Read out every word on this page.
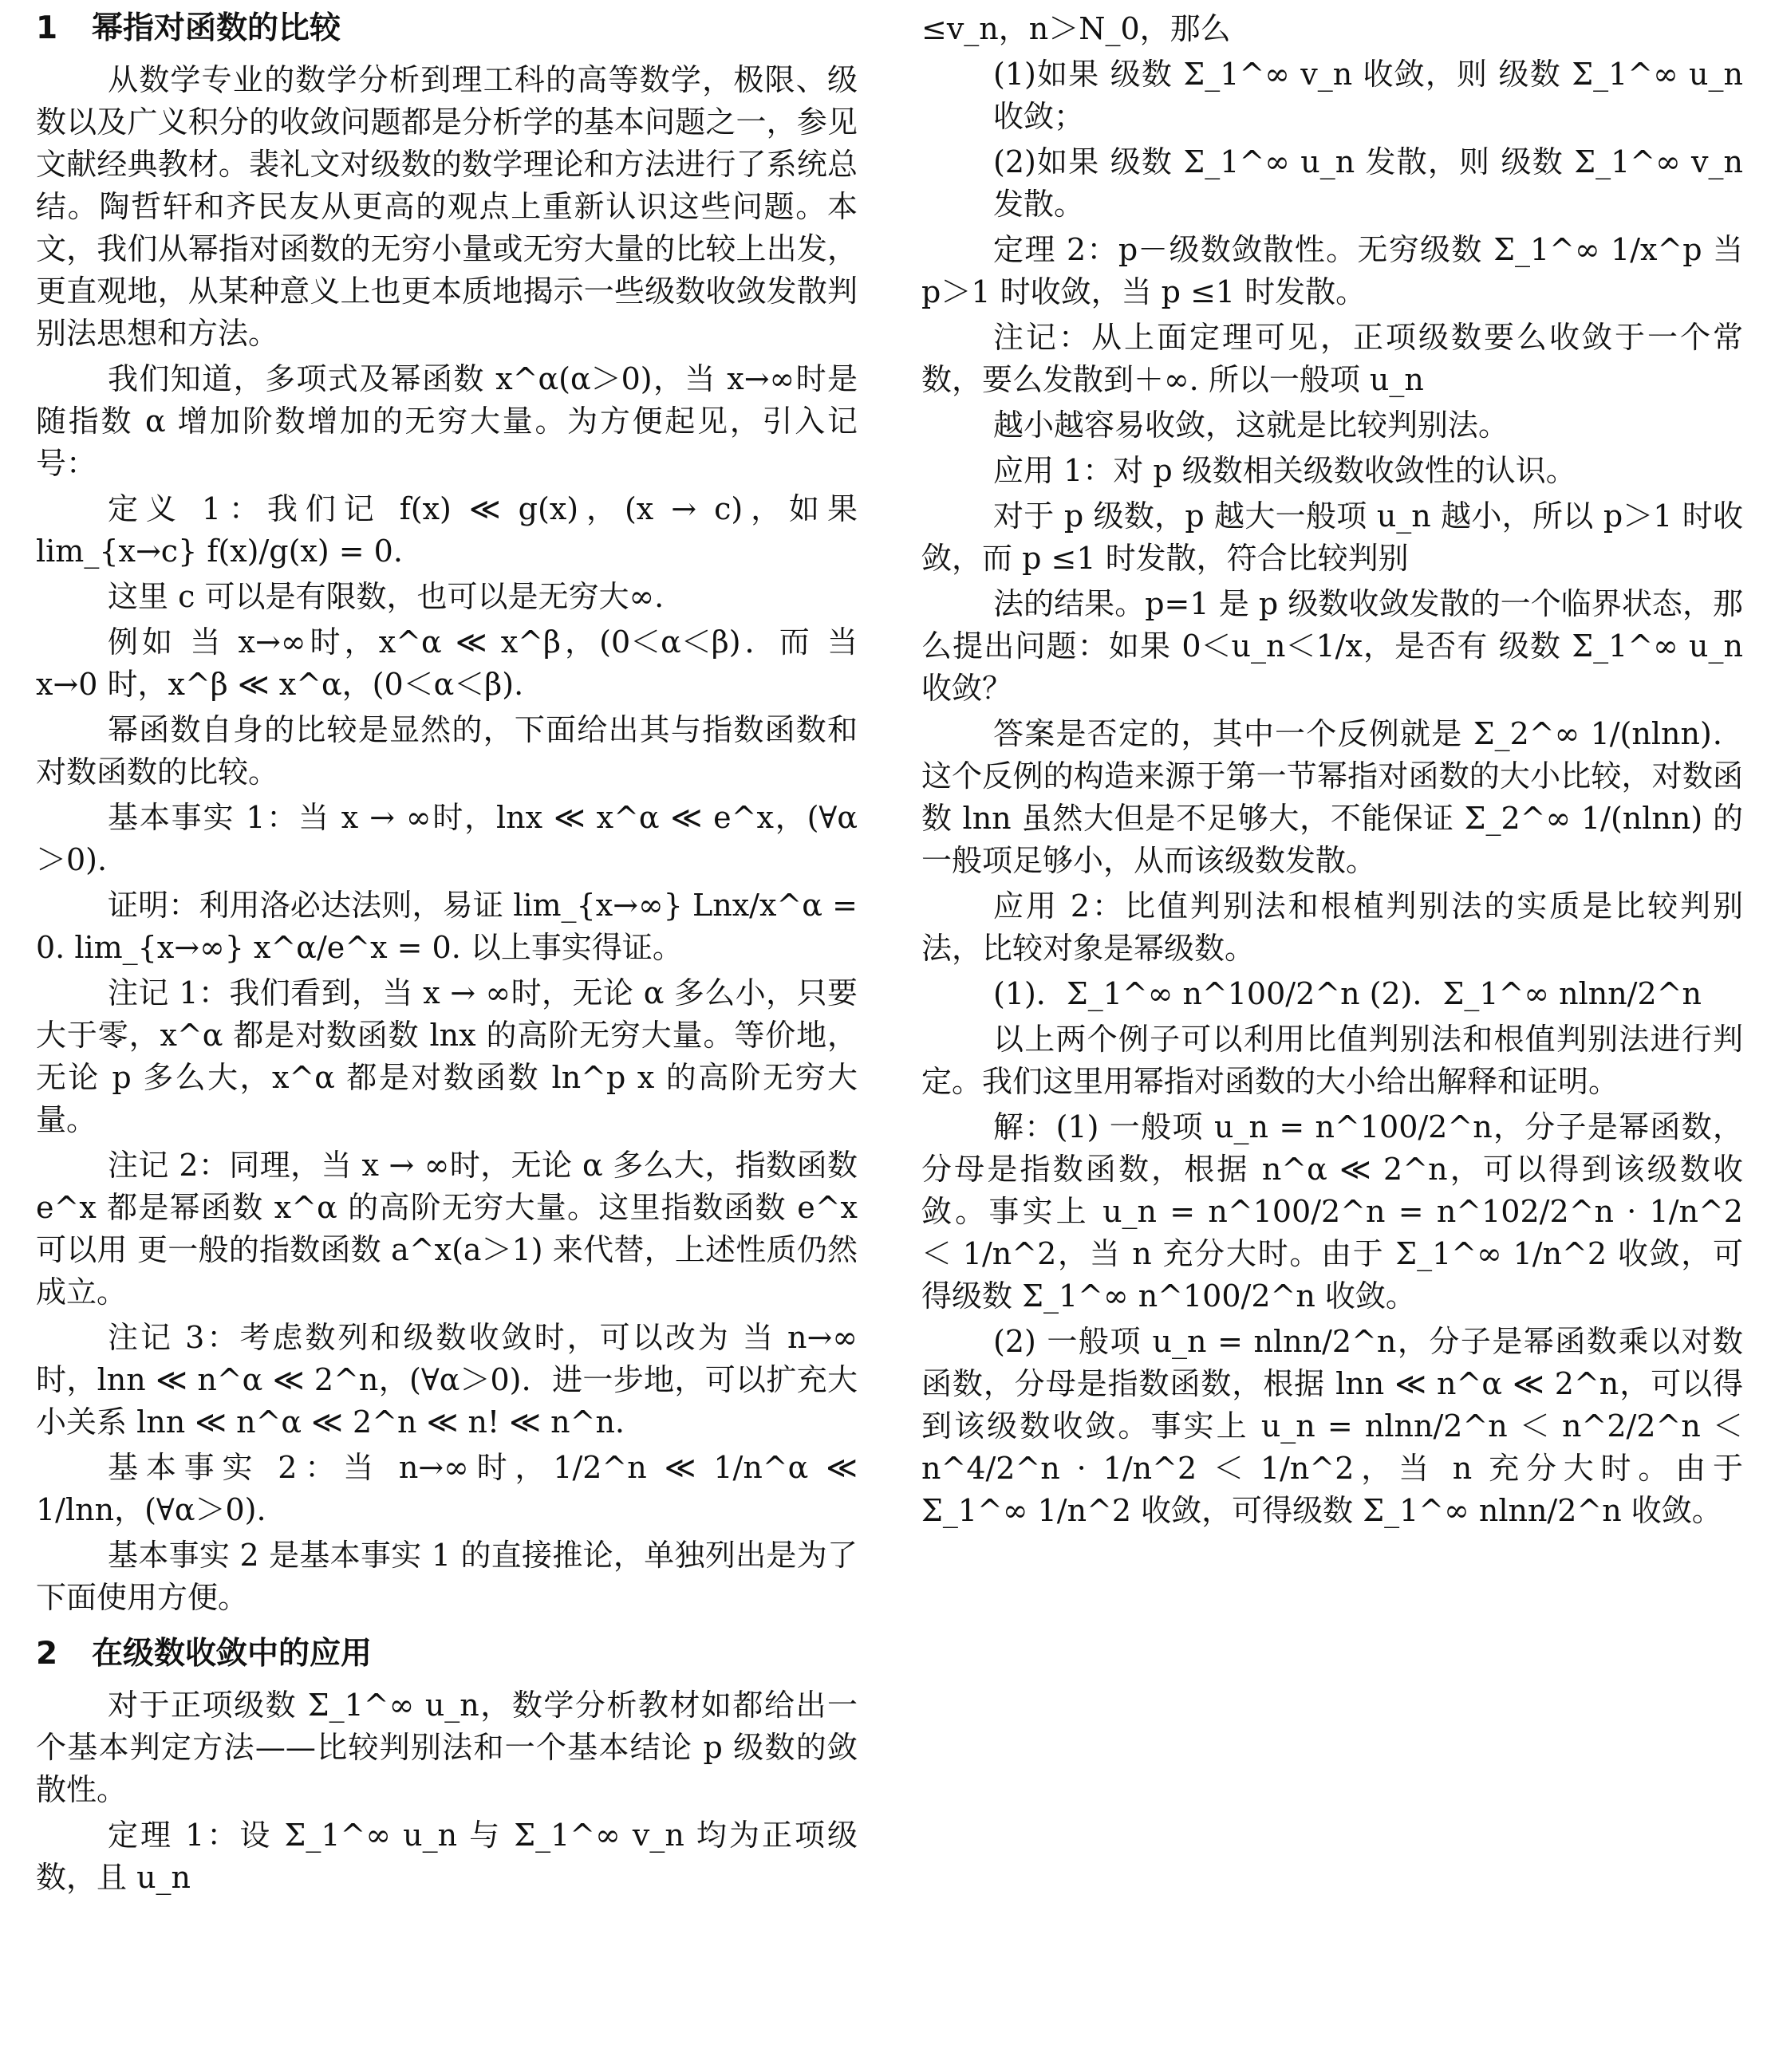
1 幂指对函数的比较

从数学专业的数学分析到理工科的高等数学，极限、级数以及广义积分的收敛问题都是分析学的基本问题之一，参见文献经典教材。裴礼文对级数的数学理论和方法进行了系统总结。陶哲轩和齐民友从更高的观点上重新认识这些问题。本文，我们从幂指对函数的无穷小量或无穷大量的比较上出发，更直观地，从某种意义上也更本质地揭示一些级数收敛发散判别法思想和方法。

我们知道，多项式及幂函数 x^α(α＞0)，当 x→∞时是随指数 α 增加阶数增加的无穷大量。为方便起见，引入记号：

定义 1：我们记 f(x) ≪ g(x)，(x → c)，如果 lim_{x→c} f(x)/g(x) = 0.

这里 c 可以是有限数，也可以是无穷大∞.

例如 当 x→∞时，x^α ≪ x^β，(0＜α＜β)．而 当 x→0 时，x^β ≪ x^α，(0＜α＜β).

幂函数自身的比较是显然的，下面给出其与指数函数和对数函数的比较。

基本事实 1：当 x → ∞时，lnx ≪ x^α ≪ e^x，(∀α＞0).

证明：利用洛必达法则，易证 lim_{x→∞} Lnx/x^α = 0. lim_{x→∞} x^α/e^x = 0. 以上事实得证。

注记 1：我们看到，当 x → ∞时，无论 α 多么小，只要大于零，x^α 都是对数函数 lnx 的高阶无穷大量。等价地，无论 p 多么大，x^α 都是对数函数 ln^p x 的高阶无穷大量。

注记 2：同理，当 x → ∞时，无论 α 多么大，指数函数 e^x 都是幂函数 x^α 的高阶无穷大量。这里指数函数 e^x 可以用 更一般的指数函数 a^x(a＞1) 来代替，上述性质仍然成立。

注记 3：考虑数列和级数收敛时，可以改为 当 n→∞时，lnn ≪ n^α ≪ 2^n，(∀α＞0)．进一步地，可以扩充大小关系 lnn ≪ n^α ≪ 2^n ≪ n! ≪ n^n.

基本事实 2：当 n→∞时，1/2^n ≪ 1/n^α ≪ 1/lnn，(∀α＞0).

基本事实 2 是基本事实 1 的直接推论，单独列出是为了下面使用方便。

2 在级数收敛中的应用

对于正项级数 Σ_1^∞ u_n，数学分析教材如都给出一个基本判定方法——比较判别法和一个基本结论 p 级数的敛散性。

定理 1：设 Σ_1^∞ u_n 与 Σ_1^∞ v_n 均为正项级数，且 u_n

≤v_n，n＞N_0，那么

(1)如果 级数 Σ_1^∞ v_n 收敛，则 级数 Σ_1^∞ u_n 收敛；

(2)如果 级数 Σ_1^∞ u_n 发散，则 级数 Σ_1^∞ v_n 发散。

定理 2：p－级数敛散性。无穷级数 Σ_1^∞ 1/x^p 当 p＞1 时收敛，当 p ≤1 时发散。

注记：从上面定理可见，正项级数要么收敛于一个常数，要么发散到＋∞. 所以一般项 u_n

越小越容易收敛，这就是比较判别法。

应用 1：对 p 级数相关级数收敛性的认识。

对于 p 级数，p 越大一般项 u_n 越小，所以 p＞1 时收敛，而 p ≤1 时发散，符合比较判别

法的结果。p=1 是 p 级数收敛发散的一个临界状态，那么提出问题：如果 0＜u_n＜1/x，是否有 级数 Σ_1^∞ u_n 收敛？

答案是否定的，其中一个反例就是 Σ_2^∞ 1/(nlnn)．这个反例的构造来源于第一节幂指对函数的大小比较，对数函数 lnn 虽然大但是不足够大，不能保证 Σ_2^∞ 1/(nlnn) 的一般项足够小，从而该级数发散。

应用 2：比值判别法和根植判别法的实质是比较判别法，比较对象是幂级数。

(1)．Σ_1^∞ n^100/2^n (2)．Σ_1^∞ nlnn/2^n

以上两个例子可以利用比值判别法和根值判别法进行判定。我们这里用幂指对函数的大小给出解释和证明。

解：(1) 一般项 u_n = n^100/2^n，分子是幂函数，分母是指数函数，根据 n^α ≪ 2^n，可以得到该级数收敛。事实上 u_n = n^100/2^n = n^102/2^n · 1/n^2 ＜ 1/n^2，当 n 充分大时。由于 Σ_1^∞ 1/n^2 收敛，可得级数 Σ_1^∞ n^100/2^n 收敛。

(2) 一般项 u_n = nlnn/2^n，分子是幂函数乘以对数函数，分母是指数函数，根据 lnn ≪ n^α ≪ 2^n，可以得到该级数收敛。事实上 u_n = nlnn/2^n ＜ n^2/2^n ＜ n^4/2^n · 1/n^2 ＜ 1/n^2，当 n 充分大时。由于 Σ_1^∞ 1/n^2 收敛，可得级数 Σ_1^∞ nlnn/2^n 收敛。
